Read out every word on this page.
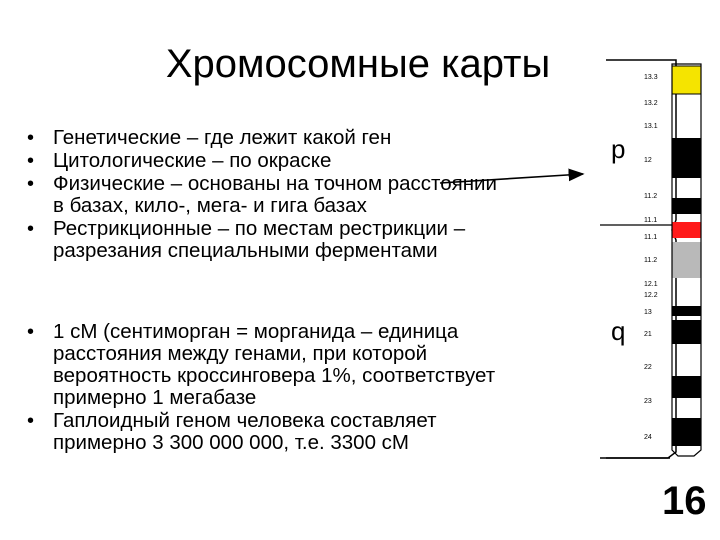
Хромосомные карты
• Генетические – где лежит какой ген
• Цитологические – по окраске
• Физические – основаны на точном расстоянии
в базах, кило-, мега- и гига базах
• Рестрикционные – по местам рестрикции –
разрезания специальными ферментами
• 1 сМ (сентиморган = морганида – единица
расстояния между генами, при которой
вероятность кроссинговера 1%, соответствует
примерно 1 мегабазе
• Гаплоидный геном человека составляет
примерно 3 300 000 000, т.е. 3300 сМ
13.3
13.2
13.1
12
11.2
11.1
11.1
11.2
12.1
12.2
13
21
22
23
24
p
q
16
